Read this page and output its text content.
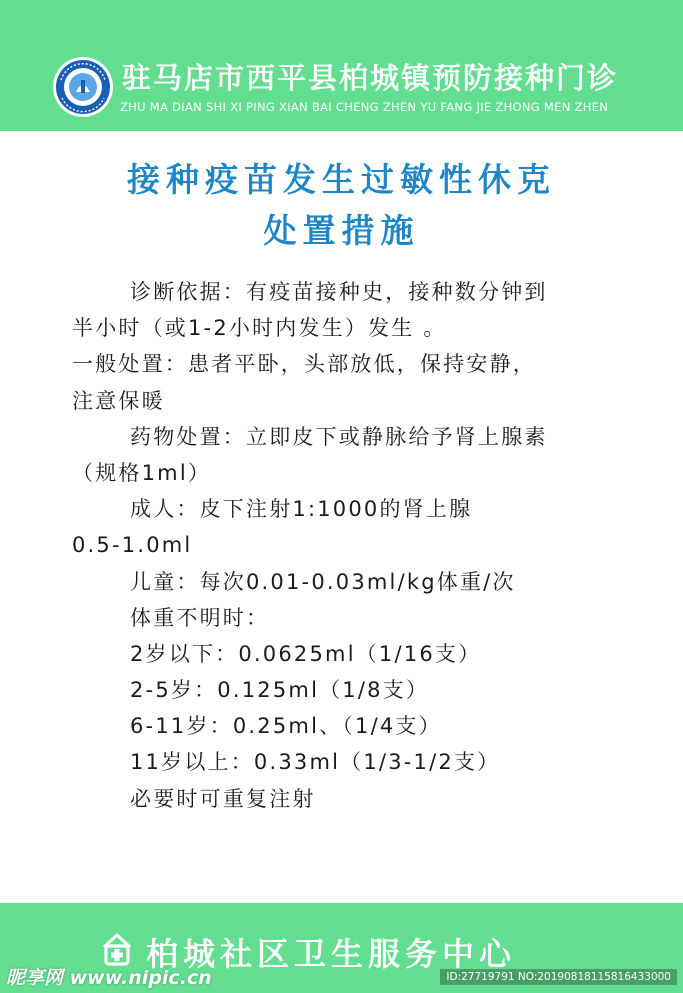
驻马店市西平县柏城镇预防接种门诊
ZHU MA DIAN SHI XI PING XIAN BAI CHENG ZHEN YU FANG JIE ZHONG MEN ZHEN
接种疫苗发生过敏性休克
处置措施
诊断依据：有疫苗接种史，接种数分钟到
半小时（或1-2小时内发生）发生 。
一般处置：患者平卧，头部放低，保持安静，
注意保暖
药物处置：立即皮下或静脉给予肾上腺素
（规格1ml）
成人：皮下注射1:1000的肾上腺
0.5-1.0ml
儿童：每次0.01-0.03ml/kg体重/次
体重不明时：
2岁以下：0.0625ml（1/16支）
2-5岁：0.125ml（1/8支）
6-11岁：0.25ml、（1/4支）
11岁以上：0.33ml（1/3-1/2支）
必要时可重复注射
柏城社区卫生服务中心
昵享网 www.nipic.cn	ID:27719791 NO:20190818115816433000
